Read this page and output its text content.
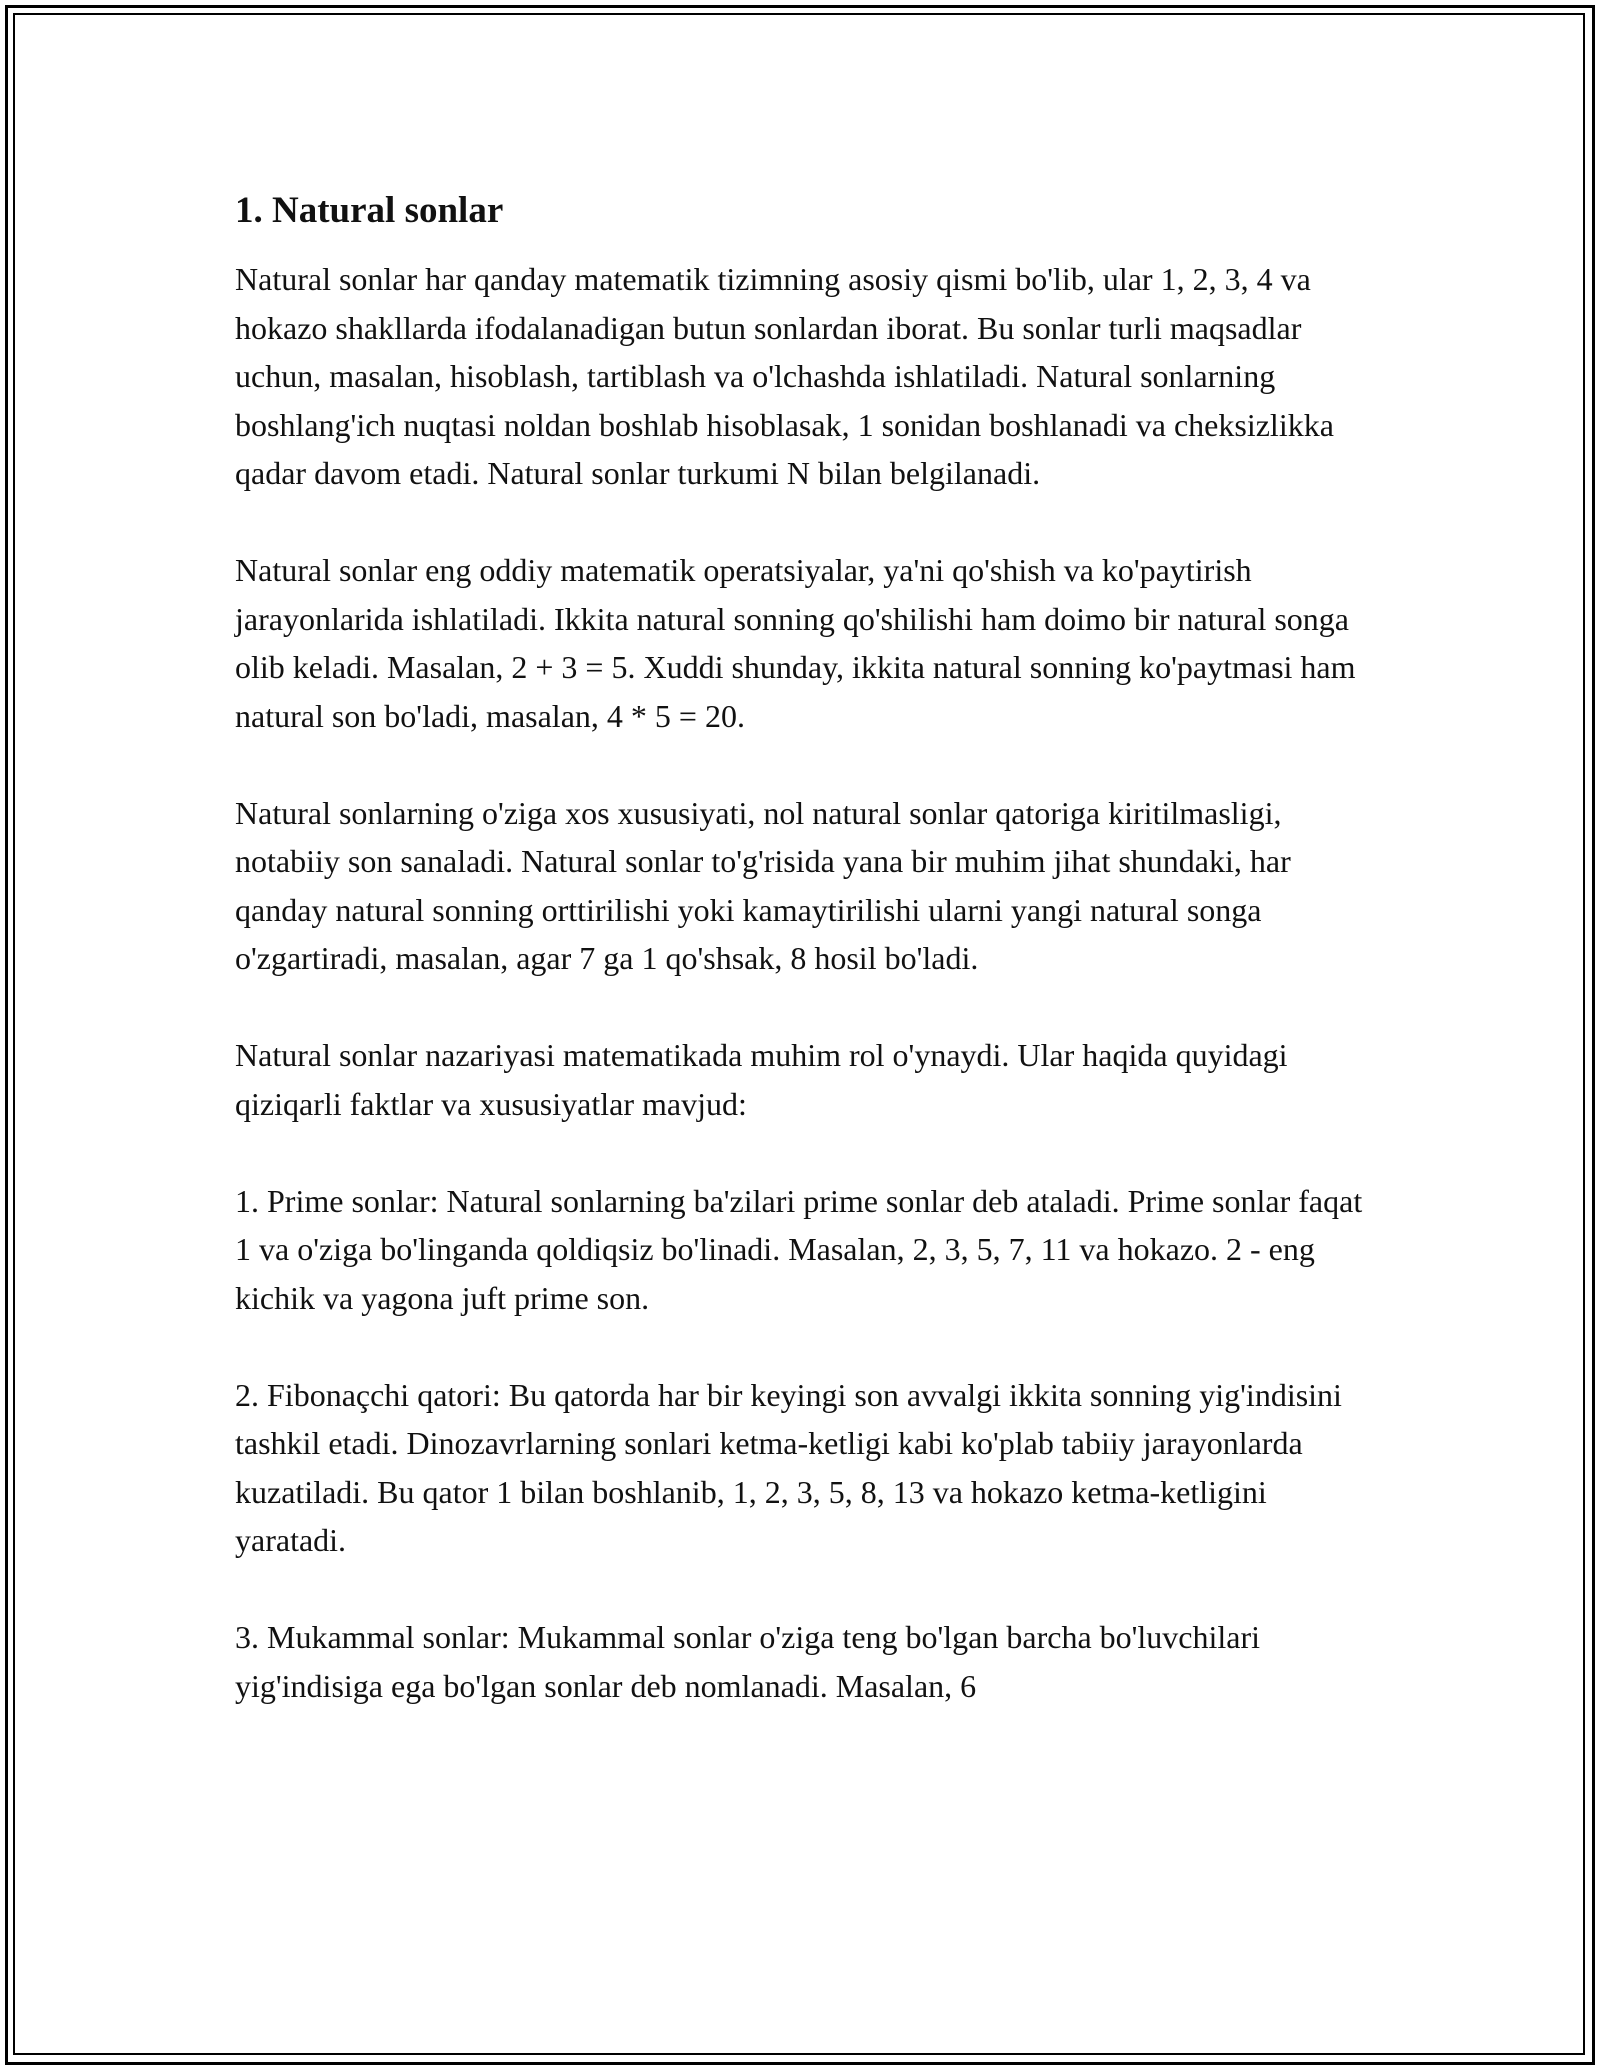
1. Natural sonlar

Natural sonlar har qanday matematik tizimning asosiy qismi bo'lib, ular 1, 2, 3, 4 va hokazo shakllarda ifodalanadigan butun sonlardan iborat. Bu sonlar turli maqsadlar uchun, masalan, hisoblash, tartiblash va o'lchashda ishlatiladi. Natural sonlarning boshlang'ich nuqtasi noldan boshlab hisoblasak, 1 sonidan boshlanadi va cheksizlikka qadar davom etadi. Natural sonlar turkumi N bilan belgilanadi.

Natural sonlar eng oddiy matematik operatsiyalar, ya'ni qo'shish va ko'paytirish jarayonlarida ishlatiladi. Ikkita natural sonning qo'shilishi ham doimo bir natural songa olib keladi. Masalan, 2 + 3 = 5. Xuddi shunday, ikkita natural sonning ko'paytmasi ham natural son bo'ladi, masalan, 4 * 5 = 20.

Natural sonlarning o'ziga xos xususiyati, nol natural sonlar qatoriga kiritilmasligi, notabiiy son sanaladi. Natural sonlar to'g'risida yana bir muhim jihat shundaki, har qanday natural sonning orttirilishi yoki kamaytirilishi ularni yangi natural songa o'zgartiradi, masalan, agar 7 ga 1 qo'shsak, 8 hosil bo'ladi.

Natural sonlar nazariyasi matematikada muhim rol o'ynaydi. Ular haqida quyidagi qiziqarli faktlar va xususiyatlar mavjud:

1. Prime sonlar: Natural sonlarning ba'zilari prime sonlar deb ataladi. Prime sonlar faqat 1 va o'ziga bo'linganda qoldiqsiz bo'linadi. Masalan, 2, 3, 5, 7, 11 va hokazo. 2 - eng kichik va yagona juft prime son.

2. Fibonaçchi qatori: Bu qatorda har bir keyingi son avvalgi ikkita sonning yig'indisini tashkil etadi. Dinozavrlarning sonlari ketma-ketligi kabi ko'plab tabiiy jarayonlarda kuzatiladi. Bu qator 1 bilan boshlanib, 1, 2, 3, 5, 8, 13 va hokazo ketma-ketligini yaratadi.

3. Mukammal sonlar: Mukammal sonlar o'ziga teng bo'lgan barcha bo'luvchilari yig'indisiga ega bo'lgan sonlar deb nomlanadi. Masalan, 6
